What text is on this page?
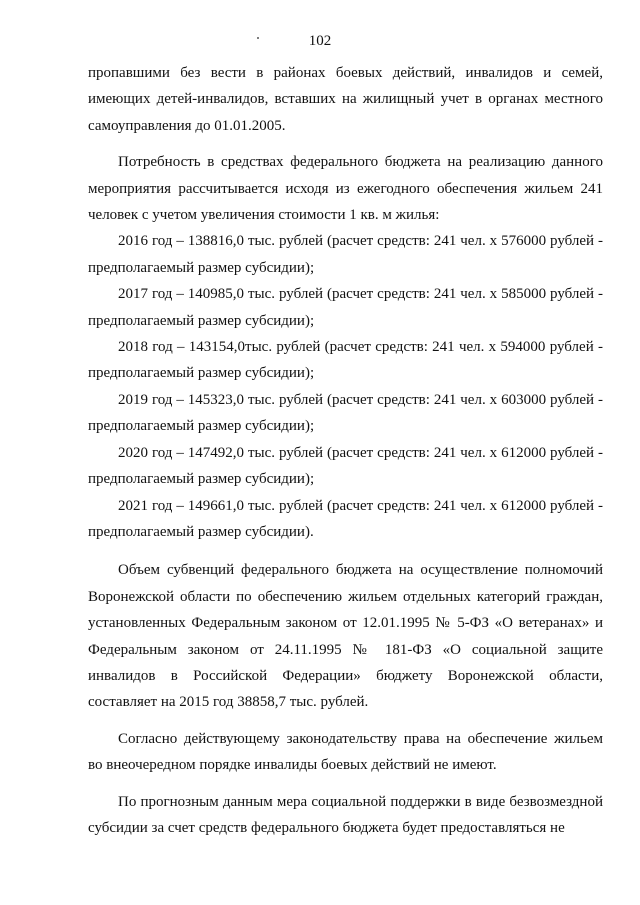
102

пропавшими без вести в районах боевых действий, инвалидов и семей, имеющих детей-инвалидов, вставших на жилищный учет в органах местного самоуправления до 01.01.2005.

Потребность в средствах федерального бюджета на реализацию данного мероприятия рассчитывается исходя из ежегодного обеспечения жильем 241 человек с учетом увеличения стоимости 1 кв. м жилья:

2016 год – 138816,0 тыс. рублей (расчет средств: 241 чел. х 576000 рублей - предполагаемый размер субсидии);

2017 год – 140985,0 тыс. рублей (расчет средств: 241 чел. х 585000 рублей - предполагаемый размер субсидии);

2018 год – 143154,0тыс. рублей (расчет средств: 241 чел. х 594000 рублей - предполагаемый размер субсидии);

2019 год – 145323,0 тыс. рублей (расчет средств: 241 чел. х 603000 рублей - предполагаемый размер субсидии);

2020 год – 147492,0 тыс. рублей (расчет средств: 241 чел. х 612000 рублей - предполагаемый размер субсидии);

2021 год – 149661,0 тыс. рублей (расчет средств: 241 чел. х 612000 рублей - предполагаемый размер субсидии).

Объем субвенций федерального бюджета на осуществление полномочий Воронежской области по обеспечению жильем отдельных категорий граждан, установленных Федеральным законом от 12.01.1995 № 5-ФЗ «О ветеранах» и Федеральным законом от 24.11.1995 № 181-ФЗ «О социальной защите инвалидов в Российской Федерации» бюджету Воронежской области, составляет на 2015 год 38858,7 тыс. рублей.

Согласно действующему законодательству права на обеспечение жильем во внеочередном порядке инвалиды боевых действий не имеют.

По прогнозным данным мера социальной поддержки в виде безвозмездной субсидии за счет средств федерального бюджета будет предоставляться не
